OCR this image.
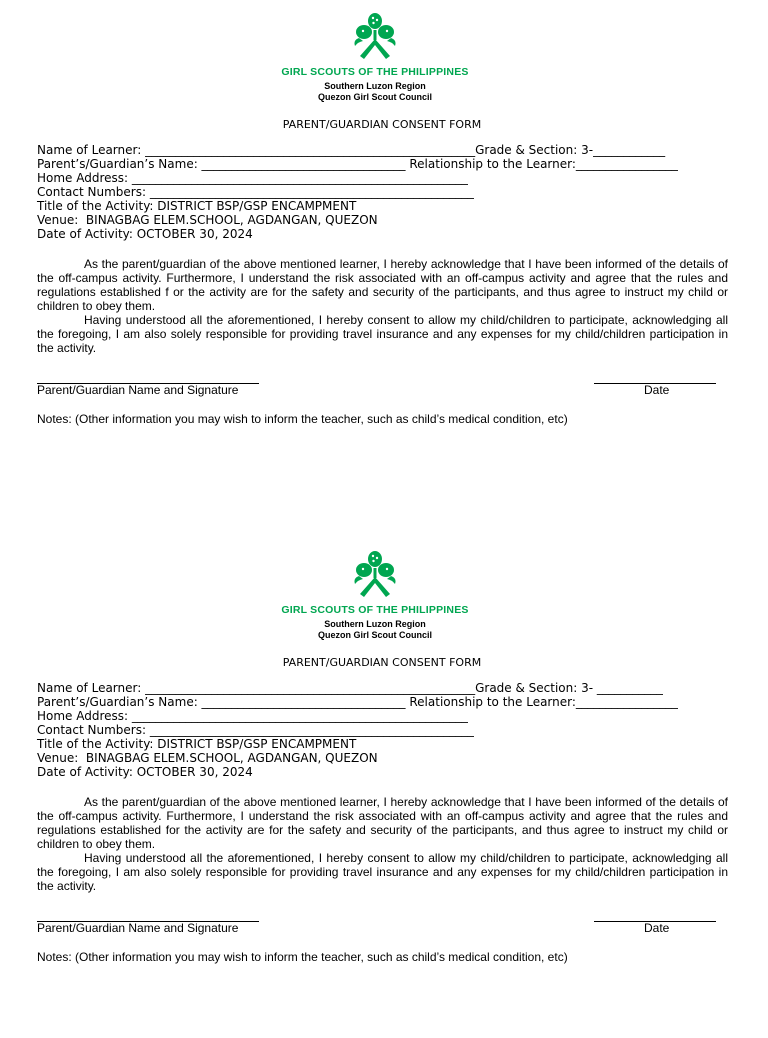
GIRL SCOUTS OF THE PHILIPPINES
Southern Luzon Region
Quezon Girl Scout Council
PARENT/GUARDIAN CONSENT FORM
Name of Learner: _______________________________________________________Grade & Section: 3-____________
Parent’s/Guardian’s Name: __________________________________ Relationship to the Learner:_________________
Home Address: ________________________________________________________
Contact Numbers: ______________________________________________________
Title of the Activity: DISTRICT BSP/GSP ENCAMPMENT
Venue:  BINAGBAG ELEM.SCHOOL, AGDANGAN, QUEZON
Date of Activity: OCTOBER 30, 2024
As the parent/guardian of the above mentioned learner, I hereby acknowledge that I have been informed of the details of the off-campus activity. Furthermore, I understand the risk associated with an off-campus activity and agree that the rules and regulations established f or the activity are for the safety and security of the participants, and thus agree to instruct my child or children to obey them.
Having understood all the aforementioned, I hereby consent to allow my child/children to participate, acknowledging all the foregoing, I am also solely responsible for providing travel insurance and any expenses for my child/children participation in the activity.
Parent/Guardian Name and Signature	Date
Notes: (Other information you may wish to inform the teacher, such as child’s medical condition, etc)
GIRL SCOUTS OF THE PHILIPPINES
Southern Luzon Region
Quezon Girl Scout Council
PARENT/GUARDIAN CONSENT FORM
Name of Learner: _______________________________________________________Grade & Section: 3- ___________
Parent’s/Guardian’s Name: __________________________________ Relationship to the Learner:_________________
Home Address: ________________________________________________________
Contact Numbers: ______________________________________________________
Title of the Activity: DISTRICT BSP/GSP ENCAMPMENT
Venue:  BINAGBAG ELEM.SCHOOL, AGDANGAN, QUEZON
Date of Activity: OCTOBER 30, 2024
As the parent/guardian of the above mentioned learner, I hereby acknowledge that I have been informed of the details of the off-campus activity. Furthermore, I understand the risk associated with an off-campus activity and agree that the rules and regulations established for the activity are for the safety and security of the participants, and thus agree to instruct my child or children to obey them.
Having understood all the aforementioned, I hereby consent to allow my child/children to participate, acknowledging all the foregoing, I am also solely responsible for providing travel insurance and any expenses for my child/children participation in the activity.
Parent/Guardian Name and Signature	Date
Notes: (Other information you may wish to inform the teacher, such as child’s medical condition, etc)
